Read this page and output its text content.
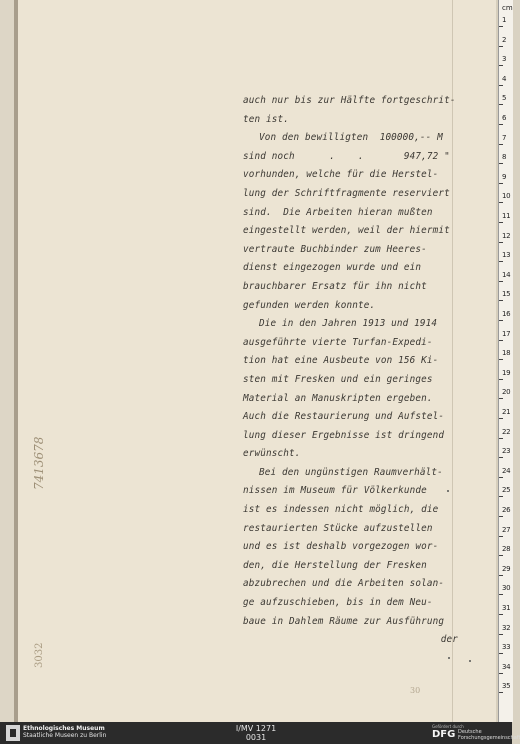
7413678
3032
30
auch nur bis zur Hälfte fortgeschrit-
ten ist.
Von den bewilligten  100000,-- M
sind noch      .    .       947,72 "
vorhunden, welche für die Herstel-
lung der Schriftfragmente reserviert
sind.  Die Arbeiten hieran mußten
eingestellt werden, weil der hiermit
vertraute Buchbinder zum Heeres-
dienst eingezogen wurde und ein
brauchbarer Ersatz für ihn nicht
gefunden werden konnte.
Die in den Jahren 1913 und 1914
ausgeführte vierte Turfan-Expedi-
tion hat eine Ausbeute von 156 Ki-
sten mit Fresken und ein geringes
Material an Manuskripten ergeben.
Auch die Restaurierung und Aufstel-
lung dieser Ergebnisse ist dringend
erwünscht.
Bei den ungünstigen Raumverhält-
nissen im Museum für Völkerkunde
ist es indessen nicht möglich, die
restaurierten Stücke aufzustellen
und es ist deshalb vorgezogen wor-
den, die Herstellung der Fresken
abzubrechen und die Arbeiten solan-
ge aufzuschieben, bis in dem Neu-
baue in Dahlem Räume zur Ausführung
der
cm
1
2
3
4
5
6
7
8
9
10
11
12
13
14
15
16
17
18
19
20
21
22
23
24
25
26
27
28
29
30
31
32
33
34
35
Ethnologisches Museum
Staatliche Museen zu Berlin
I/MV 1271
0031
Gefördert durch
DFG Deutsche
Forschungsgemeinschaft
